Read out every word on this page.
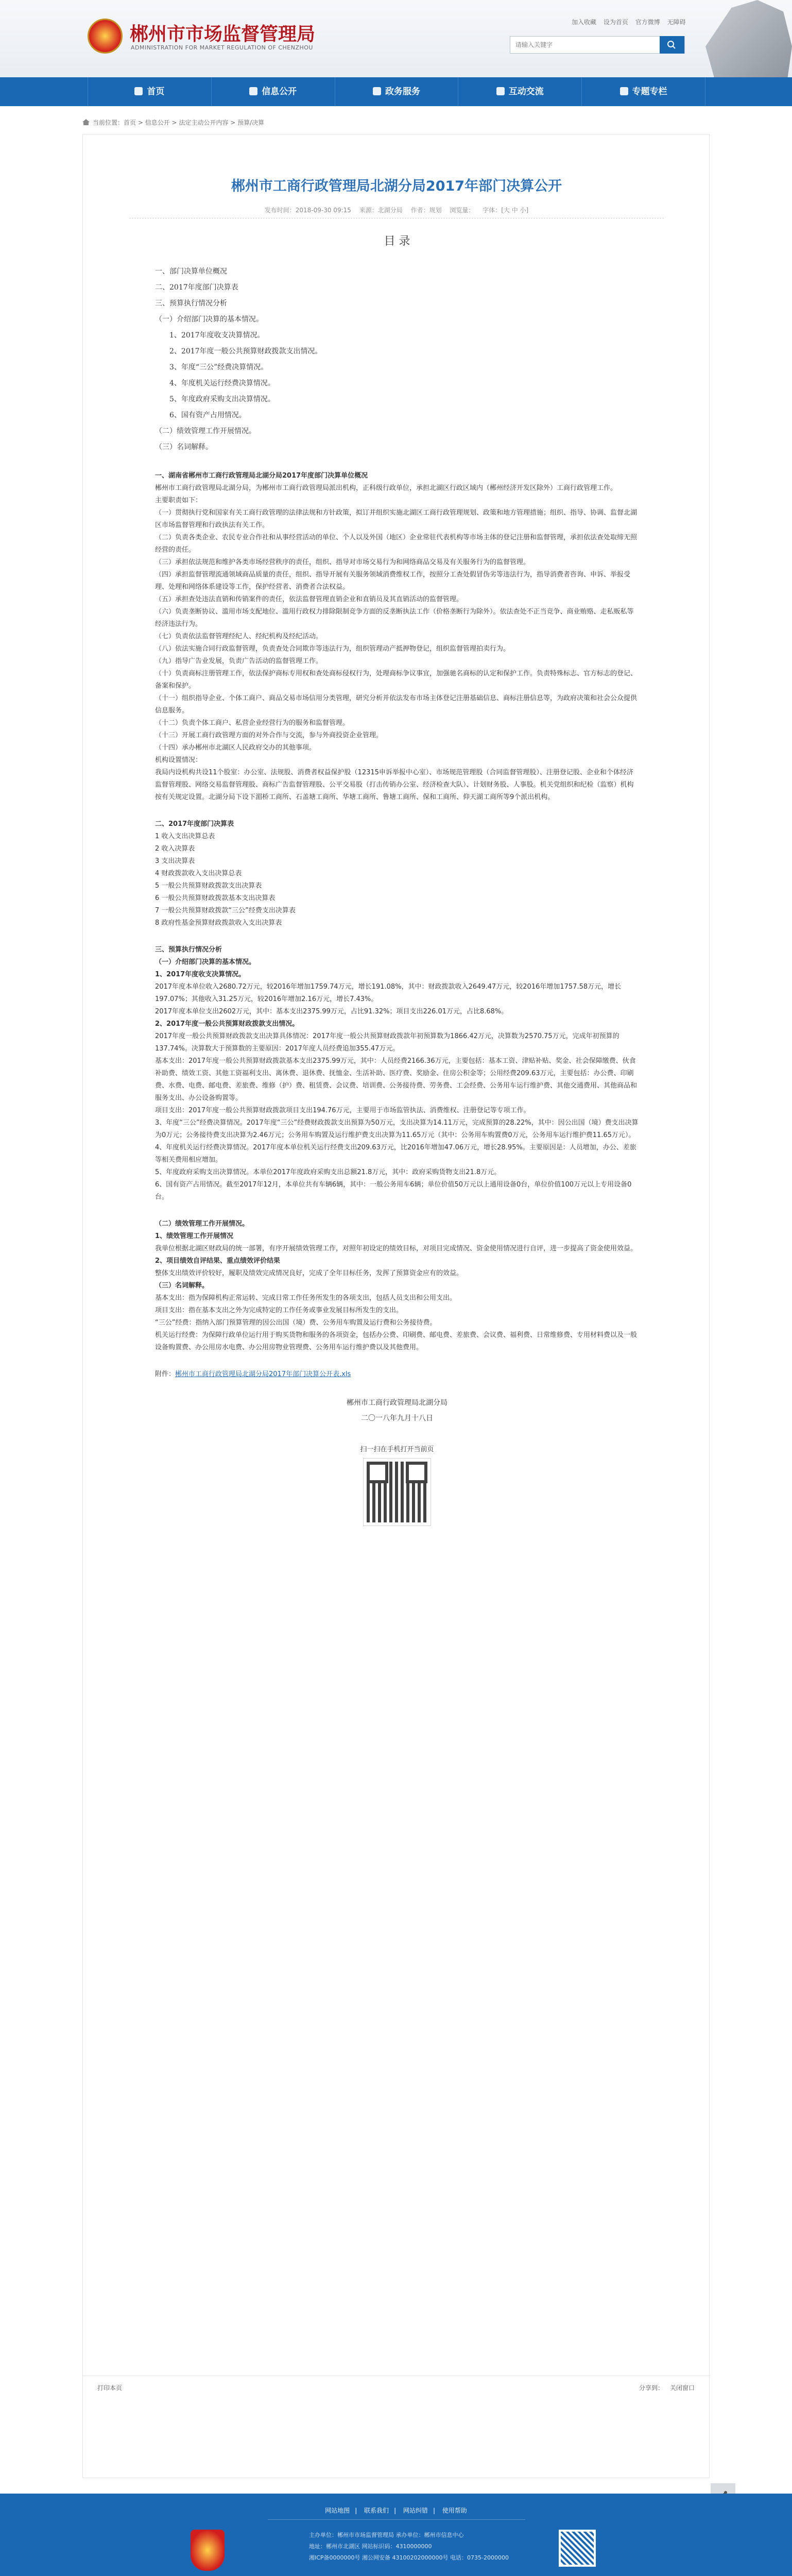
郴州市市场监督管理局
ADMINISTRATION FOR MARKET REGULATION OF CHENZHOU
加入收藏 设为首页 官方微博 无障碍
请输入关键字
首页	信息公开	政务服务	互动交流	专题专栏
当前位置：首页 > 信息公开 > 法定主动公开内容 > 预算/决算
郴州市工商行政管理局北湖分局2017年部门决算公开
发布时间：2018-09-30 09:15 来源：北湖分局 作者：规划 浏览量： 字体：[大 中 小]
目 录
一、部门决算单位概况
二、2017年度部门决算表
三、预算执行情况分析
（一）介绍部门决算的基本情况。
1、2017年度收支决算情况。
2、2017年度一般公共预算财政拨款支出情况。
3、年度“三公”经费决算情况。
4、年度机关运行经费决算情况。
5、年度政府采购支出决算情况。
6、国有资产占用情况。
（二）绩效管理工作开展情况。
（三）名词解释。
一、湖南省郴州市工商行政管理局北湖分局2017年度部门决算单位概况
郴州市工商行政管理局北湖分局，为郴州市工商行政管理局派出机构，正科级行政单位，承担北湖区行政区域内（郴州经济开发区除外）工商行政管理工作。
主要职责如下：
（一）贯彻执行党和国家有关工商行政管理的法律法规和方针政策，拟订并组织实施北湖区工商行政管理规划、政策和地方管理措施；组织、指导、协调、监督北湖区市场监督管理和行政执法有关工作。
（二）负责各类企业、农民专业合作社和从事经营活动的单位、个人以及外国（地区）企业常驻代表机构等市场主体的登记注册和监督管理，承担依法查处取缔无照经营的责任。
（三）承担依法规范和维护各类市场经营秩序的责任，组织、指导对市场交易行为和网络商品交易及有关服务行为的监督管理。
（四）承担监督管理流通领域商品质量的责任，组织、指导开展有关服务领域消费维权工作，按照分工查处假冒伪劣等违法行为，指导消费者咨询、申诉、举报受理、处理和网络体系建设等工作，保护经营者、消费者合法权益。
（五）承担查处违法直销和传销案件的责任，依法监督管理直销企业和直销员及其直销活动的监督管理。
（六）负责垄断协议、滥用市场支配地位、滥用行政权力排除限制竞争方面的反垄断执法工作（价格垄断行为除外）。依法查处不正当竞争、商业贿赂、走私贩私等经济违法行为。
（七）负责依法监督管理经纪人、经纪机构及经纪活动。
（八）依法实施合同行政监督管理，负责查处合同欺诈等违法行为，组织管理动产抵押物登记，组织监督管理拍卖行为。
（九）指导广告业发展，负责广告活动的监督管理工作。
（十）负责商标注册管理工作，依法保护商标专用权和查处商标侵权行为，处理商标争议事宜，加强驰名商标的认定和保护工作。负责特殊标志、官方标志的登记、备案和保护。
（十一）组织指导企业、个体工商户、商品交易市场信用分类管理，研究分析并依法发布市场主体登记注册基础信息、商标注册信息等，为政府决策和社会公众提供信息服务。
（十二）负责个体工商户、私营企业经营行为的服务和监督管理。
（十三）开展工商行政管理方面的对外合作与交流，参与外商投资企业管理。
（十四）承办郴州市北湖区人民政府交办的其他事项。
机构设置情况：
我局内设机构共设11个股室：办公室、法规股、消费者权益保护股（12315申诉举报中心室）、市场规范管理股（合同监督管理股）、注册登记股、企业和个体经济监督管理股、网络交易监督管理股、商标广告监督管理股、公平交易股（打击传销办公室、经济检查大队）、计划财务股、人事股。机关党组织和纪检（监察）机构按有关规定设置。北湖分局下设下湄桥工商所、石盖塘工商所、华塘工商所、鲁塘工商所、保和工商所、仰天湖工商所等9个派出机构。
二、2017年度部门决算表
1 收入支出决算总表
2 收入决算表
3 支出决算表
4 财政拨款收入支出决算总表
5 一般公共预算财政拨款支出决算表
6 一般公共预算财政拨款基本支出决算表
7 一般公共预算财政拨款“三公”经费支出决算表
8 政府性基金预算财政拨款收入支出决算表
三、预算执行情况分析
（一）介绍部门决算的基本情况。
1、2017年度收支决算情况。
2017年度本单位收入2680.72万元，较2016年增加1759.74万元，增长191.08%，其中：财政拨款收入2649.47万元，较2016年增加1757.58万元，增长197.07%；其他收入31.25万元，较2016年增加2.16万元，增长7.43%。
2017年度本单位支出2602万元，其中：基本支出2375.99万元，占比91.32%；项目支出226.01万元，占比8.68%。
2、2017年度一般公共预算财政拨款支出情况。
2017年度一般公共预算财政拨款支出决算具体情况：2017年度一般公共预算财政拨款年初预算数为1866.42万元，决算数为2570.75万元，完成年初预算的137.74%。决算数大于预算数的主要原因：2017年度人员经费追加355.47万元。
基本支出：2017年度一般公共预算财政拨款基本支出2375.99万元，其中：人员经费2166.36万元，主要包括：基本工资、津贴补贴、奖金、社会保障缴费、伙食补助费、绩效工资、其他工资福利支出、离休费、退休费、抚恤金、生活补助、医疗费、奖励金、住房公积金等；公用经费209.63万元，主要包括：办公费、印刷费、水费、电费、邮电费、差旅费、维修（护）费、租赁费、会议费、培训费、公务接待费、劳务费、工会经费、公务用车运行维护费、其他交通费用、其他商品和服务支出、办公设备购置等。
项目支出：2017年度一般公共预算财政拨款项目支出194.76万元，主要用于市场监管执法、消费维权、注册登记等专项工作。
3、年度“三公”经费决算情况。2017年度“三公”经费财政拨款支出预算为50万元，支出决算为14.11万元，完成预算的28.22%，其中：因公出国（境）费支出决算为0万元；公务接待费支出决算为2.46万元；公务用车购置及运行维护费支出决算为11.65万元（其中：公务用车购置费0万元，公务用车运行维护费11.65万元）。
4、年度机关运行经费决算情况。2017年度本单位机关运行经费支出209.63万元，比2016年增加47.06万元，增长28.95%。主要原因是：人员增加，办公、差旅等相关费用相应增加。
5、年度政府采购支出决算情况。本单位2017年度政府采购支出总额21.8万元，其中：政府采购货物支出21.8万元。
6、国有资产占用情况。截至2017年12月，本单位共有车辆6辆，其中：一般公务用车6辆；单位价值50万元以上通用设备0台，单位价值100万元以上专用设备0台。
（二）绩效管理工作开展情况。
1、绩效管理工作开展情况
我单位根据北湖区财政局的统一部署，有序开展绩效管理工作，对照年初设定的绩效目标，对项目完成情况、资金使用情况进行自评，进一步提高了资金使用效益。
2、项目绩效自评结果、重点绩效评价结果
整体支出绩效评价较好，履职及绩效完成情况良好，完成了全年目标任务，发挥了预算资金应有的效益。
（三）名词解释。
基本支出：指为保障机构正常运转、完成日常工作任务所发生的各项支出，包括人员支出和公用支出。
项目支出：指在基本支出之外为完成特定的工作任务或事业发展目标所发生的支出。
“三公”经费：指纳入部门预算管理的因公出国（境）费、公务用车购置及运行费和公务接待费。
机关运行经费：为保障行政单位运行用于购买货物和服务的各项资金，包括办公费、印刷费、邮电费、差旅费、会议费、福利费、日常维修费、专用材料费以及一般设备购置费、办公用房水电费、办公用房物业管理费、公务用车运行维护费以及其他费用。
附件：郴州市工商行政管理局北湖分局2017年部门决算公开表.xls
郴州市工商行政管理局北湖分局
二〇一八年九月十八日
扫一扫在手机打开当前页
打印本页	分享到： 关闭窗口
网站地图 | 联系我们 | 网站纠错 | 使用帮助
主办单位：郴州市市场监督管理局 承办单位：郴州市信息中心
地址：郴州市北湖区 网站标识码：4310000000
湘ICP备0000000号 湘公网安备 43100202000000号 电话：0735-2000000
